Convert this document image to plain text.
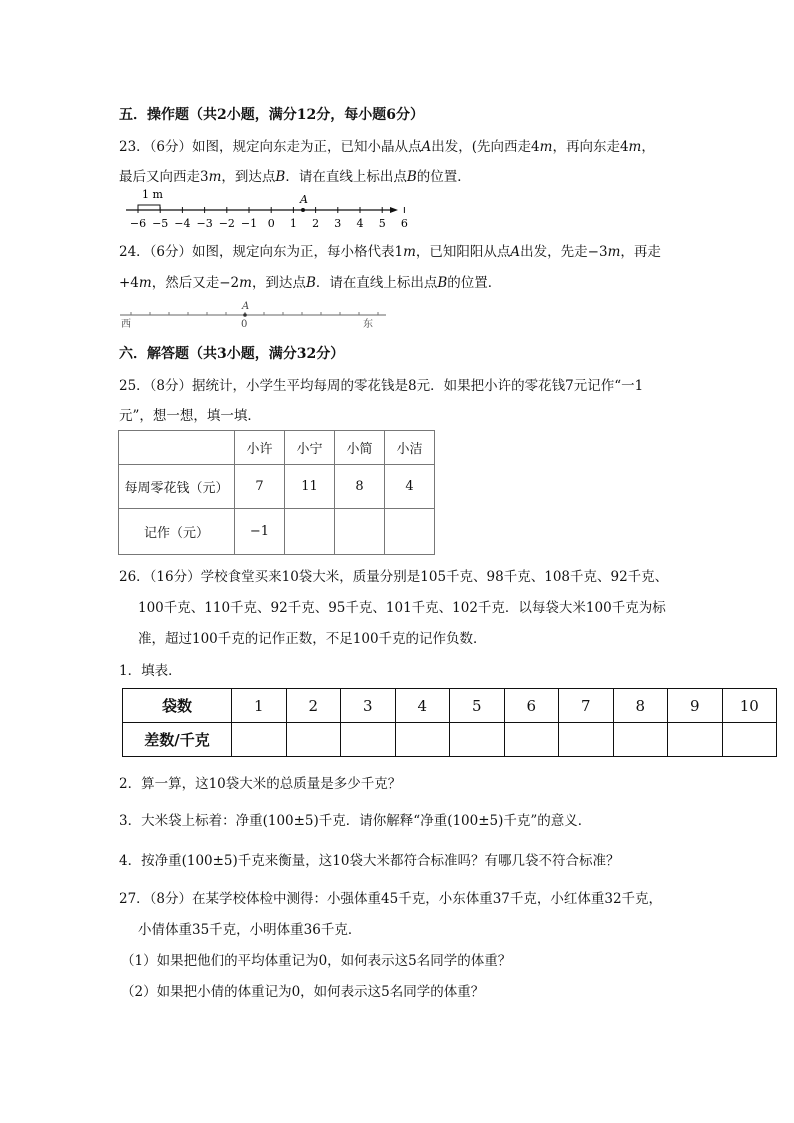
五．操作题（共2小题，满分12分，每小题6分）
23．（6分）如图，规定向东走为正，已知小晶从点A出发，(先向西走4m，再向东走4m，
最后又向西走3m，到达点B．请在直线上标出点B的位置．
1 m	A
−6 −5 −4 −3 −2 −1 0 1 2 3 4 5 6
24．（6分）如图，规定向东为正，每小格代表1m，已知阳阳从点A出发，先走−3m，再走
+4m，然后又走−2m，到达点B．请在直线上标出点B的位置．
A
0
西	东
六．解答题（共3小题，满分32分）
25．（8分）据统计，小学生平均每周的零花钱是8元．如果把小许的零花钱7元记作“一1
元”，想一想，填一填．
	小许	小宁	小简	小洁
每周零花钱（元）	7	11	8	4
记作（元）	−1			
26．（16分）学校食堂买来10袋大米，质量分别是105千克、98千克、108千克、92千克、
100千克、110千克、92千克、95千克、101千克、102千克．以每袋大米100千克为标
准，超过100千克的记作正数，不足100千克的记作负数．
1．填表．
袋数	1	2	3	4	5	6	7	8	9	10
差数/千克										
2．算一算，这10袋大米的总质量是多少千克？
3．大米袋上标着：净重(100±5)千克．请你解释“净重(100±5)千克”的意义．
4．按净重(100±5)千克来衡量，这10袋大米都符合标准吗？有哪几袋不符合标准？
27．（8分）在某学校体检中测得：小强体重45千克，小东体重37千克，小红体重32千克，
小倩体重35千克，小明体重36千克．
（1）如果把他们的平均体重记为0，如何表示这5名同学的体重？
（2）如果把小倩的体重记为0，如何表示这5名同学的体重？
